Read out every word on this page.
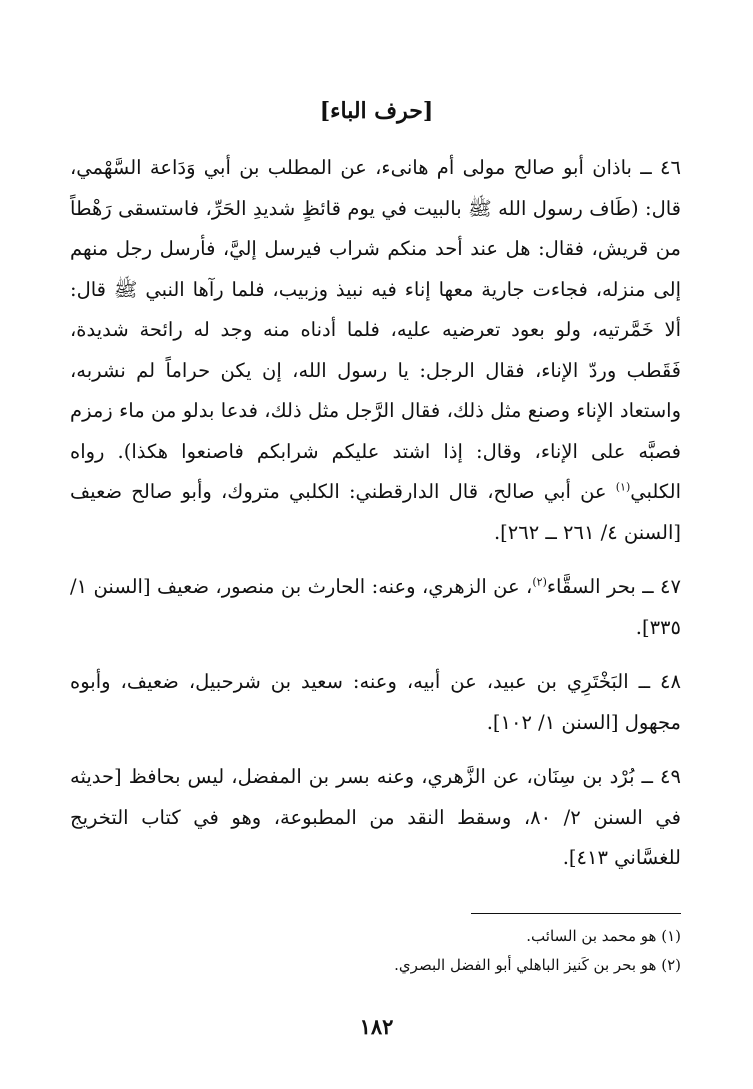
[حرف الباء]

٤٦ ــ باذان أبو صالح مولى أم هانىء، عن المطلب بن أبي وَدَاعة السَّهْمي، قال: (طَاف رسول الله ﷺ بالبيت في يوم قائظٍ شديدِ الحَرِّ، فاستسقى رَهْطاً من قريش، فقال: هل عند أحد منكم شراب فيرسل إليَّ، فأرسل رجل منهم إلى منزله، فجاءت جارية معها إناء فيه نبيذ وزبيب، فلما رآها النبي ﷺ قال: ألا خَمَّرتيه، ولو بعود تعرضيه عليه، فلما أدناه منه وجد له رائحة شديدة، فَقَطب وردّ الإناء، فقال الرجل: يا رسول الله، إن يكن حراماً لم نشربه، واستعاد الإناء وصنع مثل ذلك، فقال الرَّجل مثل ذلك، فدعا بدلو من ماء زمزم فصبَّه على الإناء، وقال: إذا اشتد عليكم شرابكم فاصنعوا هكذا). رواه الكلبي$^{(١)}$ عن أبي صالح، قال الدارقطني: الكلبي متروك، وأبو صالح ضعيف [السنن ٤/ ٢٦١ ــ ٢٦٢].

٤٧ ــ بحر السقَّاء$^{(٢)}$، عن الزهري، وعنه: الحارث بن منصور، ضعيف [السنن ١/ ٣٣٥].

٤٨ ــ البَخْتَرِي بن عبيد، عن أبيه، وعنه: سعيد بن شرحبيل، ضعيف، وأبوه مجهول [السنن ١/ ١٠٢].

٤٩ ــ بُرْد بن سِنَان، عن الزَّهري، وعنه بسر بن المفضل، ليس بحافظ [حديثه في السنن ٢/ ٨٠، وسقط النقد من المطبوعة، وهو في كتاب التخريج للغسَّاني ٤١٣].

(١) هو محمد بن السائب.
(٢) هو بحر بن كَنيز الباهلي أبو الفضل البصري.
١٨٢
